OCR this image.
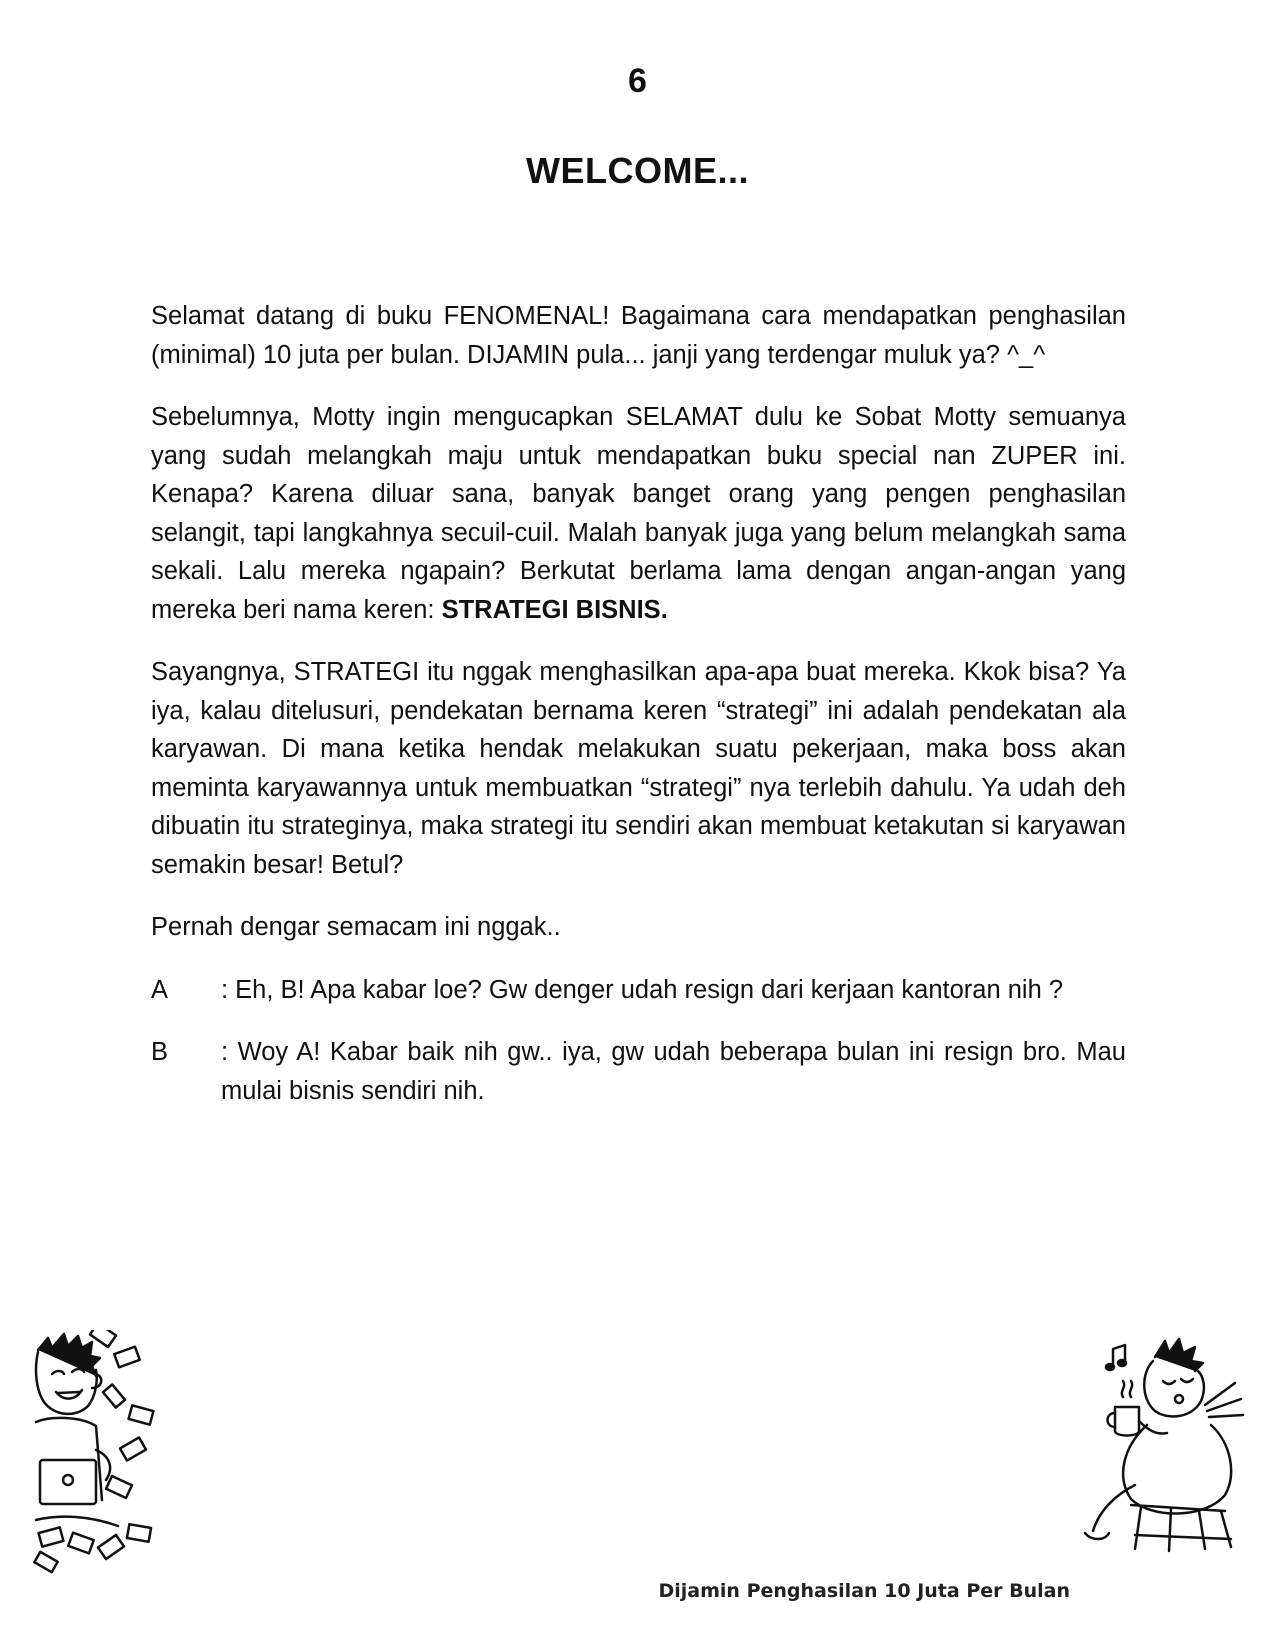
6
WELCOME...

Selamat datang di buku FENOMENAL! Bagaimana cara mendapatkan penghasilan (minimal) 10 juta per bulan. DIJAMIN pula... janji yang terdengar muluk ya? ^_^

Sebelumnya, Motty ingin mengucapkan SELAMAT dulu ke Sobat Motty semuanya yang sudah melangkah maju untuk mendapatkan buku special nan ZUPER ini. Kenapa? Karena diluar sana, banyak banget orang yang pengen penghasilan selangit, tapi langkahnya secuil-cuil. Malah banyak juga yang belum melangkah sama sekali. Lalu mereka ngapain? Berkutat berlama lama dengan angan-angan yang mereka beri nama keren: STRATEGI BISNIS.

Sayangnya, STRATEGI itu nggak menghasilkan apa-apa buat mereka. Kkok bisa? Ya iya, kalau ditelusuri, pendekatan bernama keren “strategi” ini adalah pendekatan ala karyawan. Di mana ketika hendak melakukan suatu pekerjaan, maka boss akan meminta karyawannya untuk membuatkan “strategi” nya terlebih dahulu. Ya udah deh dibuatin itu strateginya, maka strategi itu sendiri akan membuat ketakutan si karyawan semakin besar! Betul?

Pernah dengar semacam ini nggak..

A : Eh, B! Apa kabar loe? Gw denger udah resign dari kerjaan kantoran nih ?

B	: Woy A! Kabar baik nih gw.. iya, gw udah beberapa bulan ini resign bro. Mau mulai bisnis sendiri nih.
Dijamin Penghasilan 10 Juta Per Bulan
